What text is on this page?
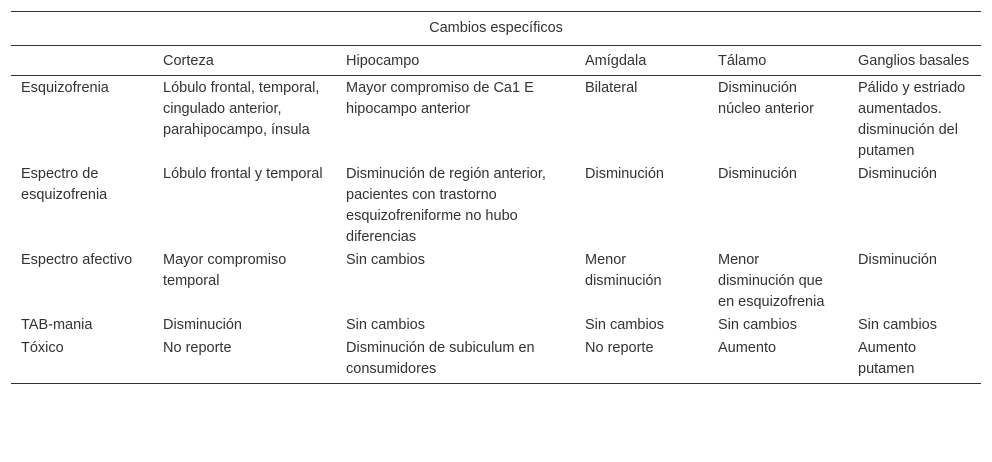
Cambios específicos					
	Corteza	Hipocampo	Amígdala	Tálamo	Ganglios basales
Esquizofrenia	Lóbulo frontal, temporal, cingulado anterior, parahipocampo, ínsula	Mayor compromiso de Ca1 E hipocampo anterior	Bilateral	Disminución núcleo anterior	Pálido y estriado aumentados. disminución del putamen
Espectro de esquizofrenia	Lóbulo frontal y temporal	Disminución de región anterior, pacientes con trastorno esquizofreniforme no hubo diferencias	Disminución	Disminución	Disminución
Espectro afectivo	Mayor compromiso temporal	Sin cambios	Menor disminución	Menor disminución que en esquizofrenia	Disminución
TAB-mania	Disminución	Sin cambios	Sin cambios	Sin cambios	Sin cambios
Tóxico	No reporte	Disminución de subiculum en consumidores	No reporte	Aumento	Aumento putamen
